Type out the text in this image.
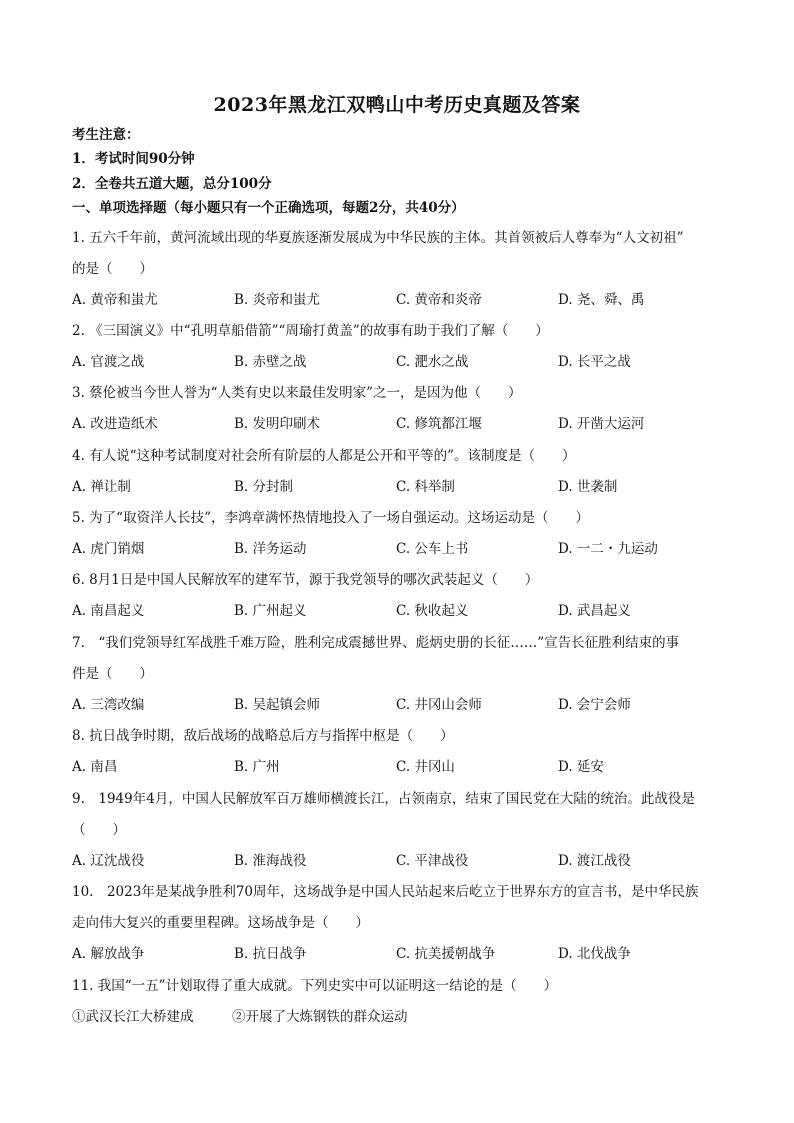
2023年黑龙江双鸭山中考历史真题及答案
考生注意：
1．考试时间90分钟
2．全卷共五道大题，总分100分
一、单项选择题（每小题只有一个正确选项，每题2分，共40分）
1. 五六千年前，黄河流域出现的华夏族逐渐发展成为中华民族的主体。其首领被后人尊奉为“人文初祖”
的是（　　）
A. 黄帝和蚩尤	B. 炎帝和蚩尤	C. 黄帝和炎帝	D. 尧、舜、禹
2. 《三国演义》中“孔明草船借箭”“周瑜打黄盖”的故事有助于我们了解（　　）
A. 官渡之战	B. 赤壁之战	C. 淝水之战	D. 长平之战
3. 蔡伦被当今世人誉为“人类有史以来最佳发明家”之一，是因为他（　　）
A. 改进造纸术	B. 发明印刷术	C. 修筑都江堰	D. 开凿大运河
4. 有人说“这种考试制度对社会所有阶层的人都是公开和平等的”。该制度是（　　）
A. 禅让制	B. 分封制	C. 科举制	D. 世袭制
5. 为了“取资洋人长技”，李鸿章满怀热情地投入了一场自强运动。这场运动是（　　）
A. 虎门销烟	B. 洋务运动	C. 公车上书	D. 一二・九运动
6. 8月1日是中国人民解放军的建军节，源于我党领导的哪次武装起义（　　）
A. 南昌起义	B. 广州起义	C. 秋收起义	D. 武昌起义
7.　“我们党领导红军战胜千难万险，胜利完成震撼世界、彪炳史册的长征……”宣告长征胜利结束的事
件是（　　）
A. 三湾改编	B. 吴起镇会师	C. 井冈山会师	D. 会宁会师
8. 抗日战争时期，敌后战场的战略总后方与指挥中枢是（　　）
A. 南昌	B. 广州	C. 井冈山	D. 延安
9.　1949年4月，中国人民解放军百万雄师横渡长江，占领南京，结束了国民党在大陆的统治。此战役是
（　　）
A. 辽沈战役	B. 淮海战役	C. 平津战役	D. 渡江战役
10.　2023年是某战争胜利70周年，这场战争是中国人民站起来后屹立于世界东方的宣言书，是中华民族
走向伟大复兴的重要里程碑。这场战争是（　　）
A. 解放战争	B. 抗日战争	C. 抗美援朝战争	D. 北伐战争
11. 我国“一五”计划取得了重大成就。下列史实中可以证明这一结论的是（　　）
①武汉长江大桥建成	②开展了大炼钢铁的群众运动
